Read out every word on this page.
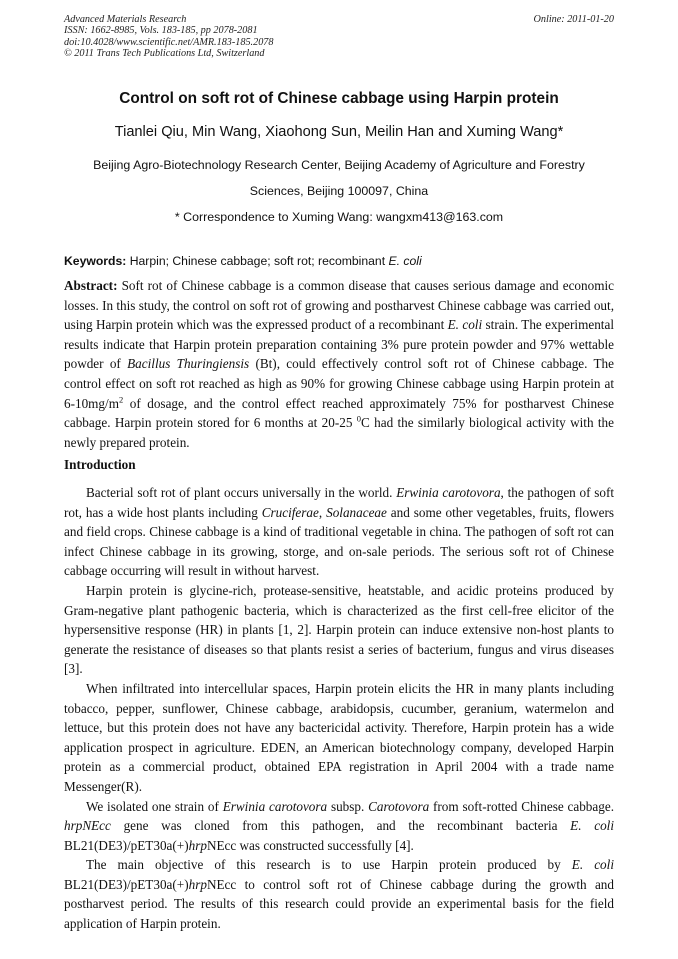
Advanced Materials Research
ISSN: 1662-8985, Vols. 183-185, pp 2078-2081
doi:10.4028/www.scientific.net/AMR.183-185.2078
© 2011 Trans Tech Publications Ltd, Switzerland
Online: 2011-01-20
Control on soft rot of Chinese cabbage using Harpin protein
Tianlei Qiu, Min Wang, Xiaohong Sun, Meilin Han and Xuming Wang*
Beijing Agro-Biotechnology Research Center, Beijing Academy of Agriculture and Forestry
Sciences, Beijing 100097, China
* Correspondence to Xuming Wang: wangxm413@163.com
Keywords: Harpin; Chinese cabbage; soft rot; recombinant E. coli

Abstract: Soft rot of Chinese cabbage is a common disease that causes serious damage and economic losses. In this study, the control on soft rot of growing and postharvest Chinese cabbage was carried out, using Harpin protein which was the expressed product of a recombinant E. coli strain. The experimental results indicate that Harpin protein preparation containing 3% pure protein powder and 97% wettable powder of Bacillus Thuringiensis (Bt), could effectively control soft rot of Chinese cabbage. The control effect on soft rot reached as high as 90% for growing Chinese cabbage using Harpin protein at $6-10mg/m^2$ of dosage, and the control effect reached approximately 75% for postharvest Chinese cabbage. Harpin protein stored for 6 months at 20-25 $^0$C had the similarly biological activity with the newly prepared protein.

Introduction

Bacterial soft rot of plant occurs universally in the world. Erwinia carotovora, the pathogen of soft rot, has a wide host plants including Cruciferae, Solanaceae and some other vegetables, fruits, flowers and field crops. Chinese cabbage is a kind of traditional vegetable in china. The pathogen of soft rot can infect Chinese cabbage in its growing, storge, and on-sale periods. The serious soft rot of Chinese cabbage occurring will result in without harvest.

Harpin protein is glycine-rich, protease-sensitive, heatstable, and acidic proteins produced by Gram-negative plant pathogenic bacteria, which is characterized as the first cell-free elicitor of the hypersensitive response (HR) in plants [1, 2]. Harpin protein can induce extensive non-host plants to generate the resistance of diseases so that plants resist a series of bacterium, fungus and virus diseases [3].

When infiltrated into intercellular spaces, Harpin protein elicits the HR in many plants including tobacco, pepper, sunflower, Chinese cabbage, arabidopsis, cucumber, geranium, watermelon and lettuce, but this protein does not have any bactericidal activity. Therefore, Harpin protein has a wide application prospect in agriculture. EDEN, an American biotechnology company, developed Harpin protein as a commercial product, obtained EPA registration in April 2004 with a trade name Messenger(R).

We isolated one strain of Erwinia carotovora subsp. Carotovora from soft-rotted Chinese cabbage. hrpNEcc gene was cloned from this pathogen, and the recombinant bacteria E. coli BL21(DE3)/pET30a(+)hrpNEcc was constructed successfully [4].

The main objective of this research is to use Harpin protein produced by E. coli BL21(DE3)/pET30a(+)hrpNEcc to control soft rot of Chinese cabbage during the growth and postharvest period. The results of this research could provide an experimental basis for the field application of Harpin protein.
